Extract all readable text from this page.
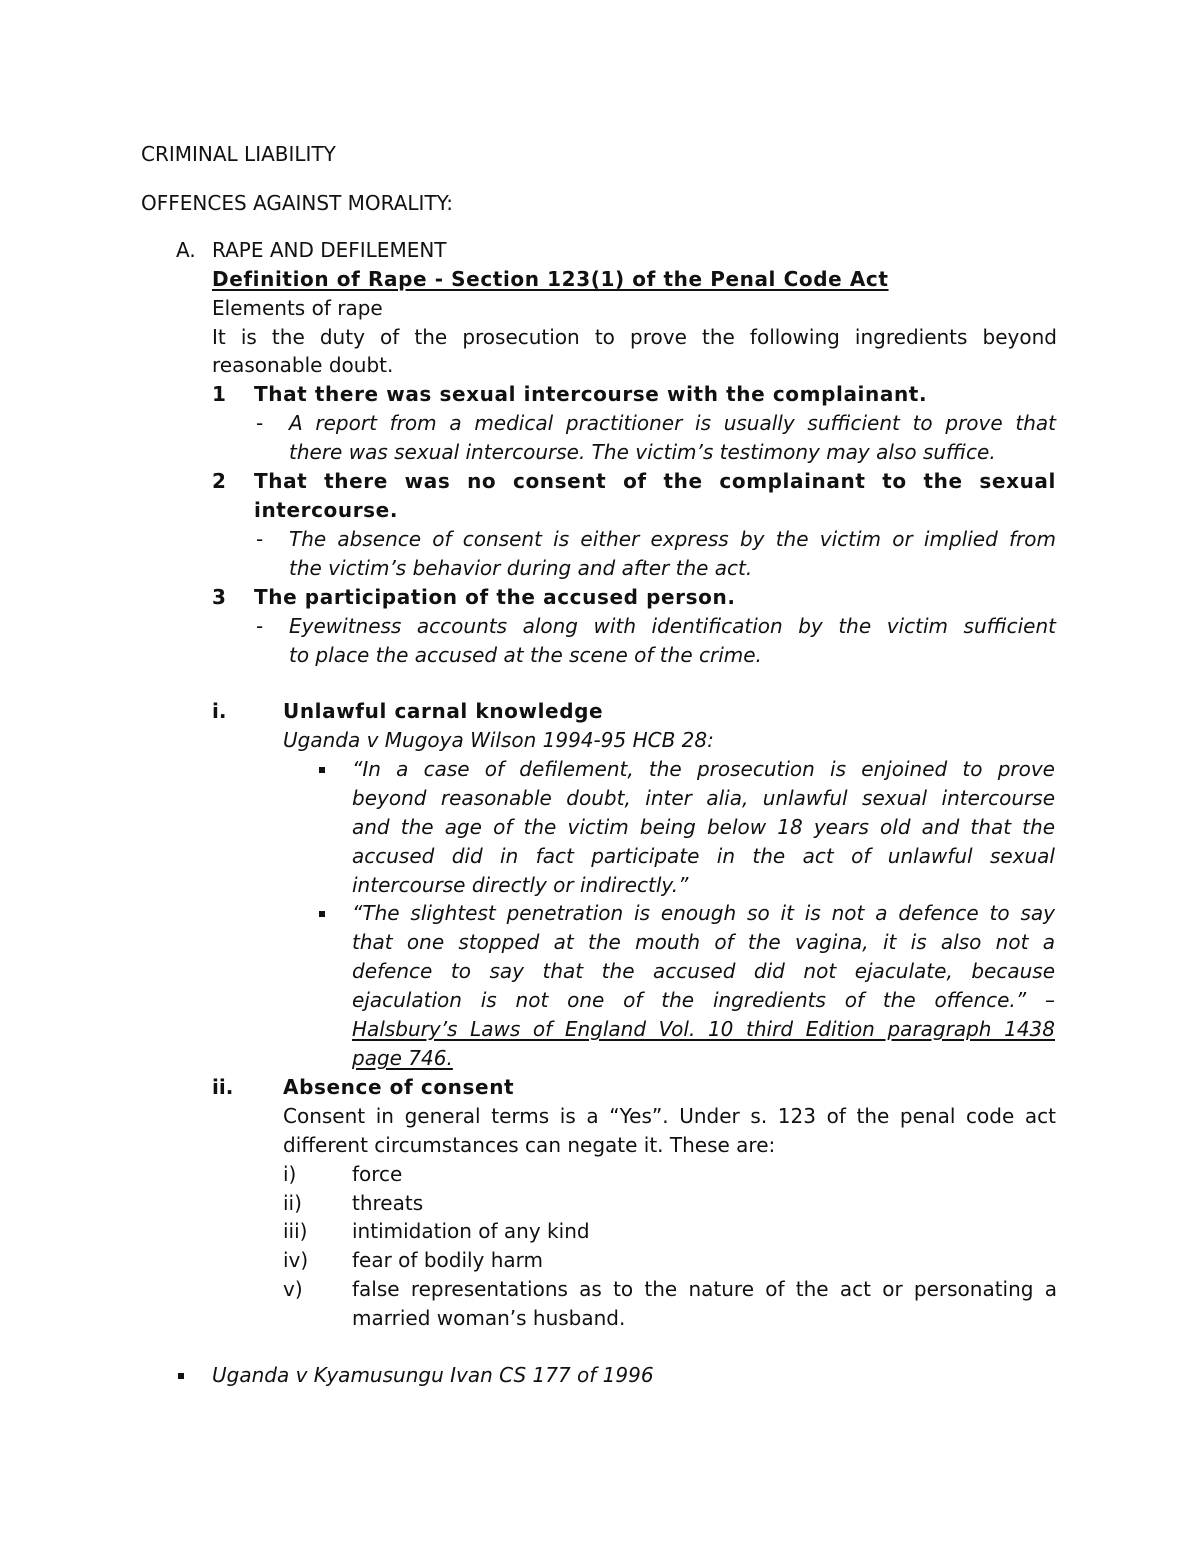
CRIMINAL LIABILITY
OFFENCES AGAINST MORALITY:
A. RAPE AND DEFILEMENT
Definition of Rape - Section 123(1) of the Penal Code Act
Elements of rape
It is the duty of the prosecution to prove the following ingredients beyond
reasonable doubt.
1 That there was sexual intercourse with the complainant.
- A report from a medical practitioner is usually sufficient to prove that
there was sexual intercourse. The victim’s testimony may also suffice.
2 That there was no consent of the complainant to the sexual
intercourse.
- The absence of consent is either express by the victim or implied from
the victim’s behavior during and after the act.
3 The participation of the accused person.
- Eyewitness accounts along with identification by the victim sufficient
to place the accused at the scene of the crime.
i.	Unlawful carnal knowledge
Uganda v Mugoya Wilson 1994-95 HCB 28:
“In a case of defilement, the prosecution is enjoined to prove
beyond reasonable doubt, inter alia, unlawful sexual intercourse
and the age of the victim being below 18 years old and that the
accused did in fact participate in the act of unlawful sexual
intercourse directly or indirectly.”
“The slightest penetration is enough so it is not a defence to say
that one stopped at the mouth of the vagina, it is also not a
defence to say that the accused did not ejaculate, because
ejaculation is not one of the ingredients of the offence.” –
Halsbury’s Laws of England Vol. 10 third Edition paragraph 1438
page 746.
ii. Absence of consent
Consent in general terms is a “Yes”. Under s. 123 of the penal code act
different circumstances can negate it. These are:
i)	force
ii)	threats
iii) intimidation of any kind
iv) fear of bodily harm
v) false representations as to the nature of the act or personating a
married woman’s husband.
Uganda v Kyamusungu Ivan CS 177 of 1996
